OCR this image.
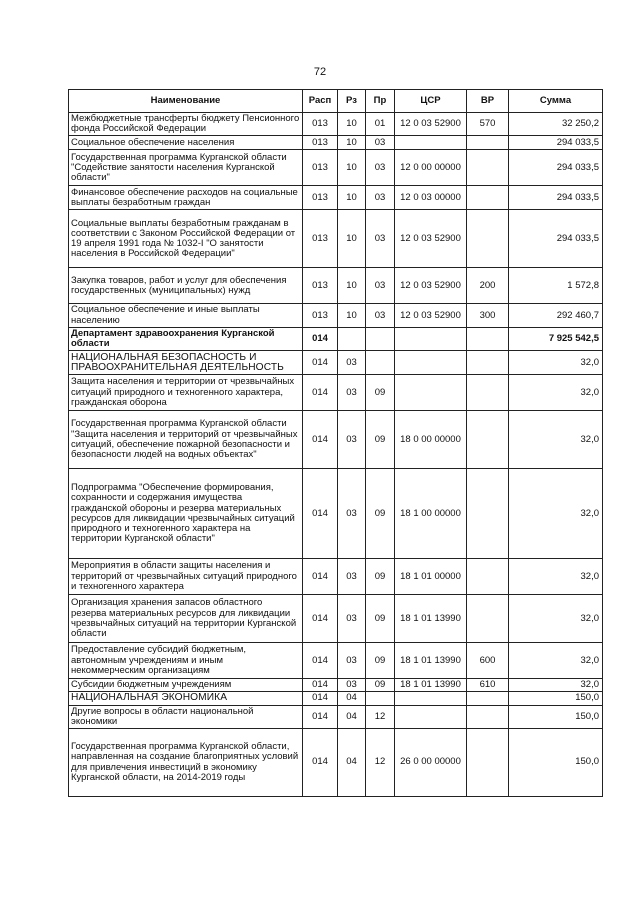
72
Наименование	Расп	Рз	Пр	ЦСР	ВР	Сумма
Межбюджетные трансферты бюджету Пенсионного фонда Российской Федерации	013	10	01	12 0 03 52900	570	32 250,2
Социальное обеспечение населения	013	10	03			294 033,5
Государственная программа Курганской области "Содействие занятости населения Курганской области"	013	10	03	12 0 00 00000		294 033,5
Финансовое обеспечение расходов на социальные выплаты безработным граждан	013	10	03	12 0 03 00000		294 033,5
Социальные выплаты безработным гражданам в соответствии с Законом Российской Федерации от 19 апреля 1991 года № 1032-I "О занятости населения в Российской Федерации"	013	10	03	12 0 03 52900		294 033,5
Закупка товаров, работ и услуг для обеспечения государственных (муниципальных) нужд	013	10	03	12 0 03 52900	200	1 572,8
Социальное обеспечение и иные выплаты населению	013	10	03	12 0 03 52900	300	292 460,7
Департамент здравоохранения Курганской области	014					7 925 542,5
НАЦИОНАЛЬНАЯ БЕЗОПАСНОСТЬ И ПРАВООХРАНИТЕЛЬНАЯ ДЕЯТЕЛЬНОСТЬ	014	03				32,0
Защита населения и территории от чрезвычайных ситуаций природного и техногенного характера, гражданская оборона	014	03	09			32,0
Государственная программа Курганской области "Защита населения и территорий от чрезвычайных ситуаций, обеспечение пожарной безопасности и безопасности людей на водных объектах"	014	03	09	18 0 00 00000		32,0
Подпрограмма "Обеспечение формирования, сохранности и содержания имущества гражданской обороны и резерва материальных ресурсов для ликвидации чрезвычайных ситуаций природного и техногенного характера на территории Курганской области"	014	03	09	18 1 00 00000		32,0
Мероприятия в области защиты населения и территорий от чрезвычайных ситуаций природного и техногенного характера	014	03	09	18 1 01 00000		32,0
Организация хранения запасов областного резерва материальных ресурсов для ликвидации чрезвычайных ситуаций на территории Курганской области	014	03	09	18 1 01 13990		32,0
Предоставление субсидий бюджетным, автономным учреждениям и иным некоммерческим организациям	014	03	09	18 1 01 13990	600	32,0
Субсидии бюджетным учреждениям	014	03	09	18 1 01 13990	610	32,0
НАЦИОНАЛЬНАЯ ЭКОНОМИКА	014	04				150,0
Другие вопросы в области национальной экономики	014	04	12			150,0
Государственная программа Курганской области, направленная на создание благоприятных условий для привлечения инвестиций в экономику Курганской области, на 2014-2019 годы	014	04	12	26 0 00 00000		150,0
